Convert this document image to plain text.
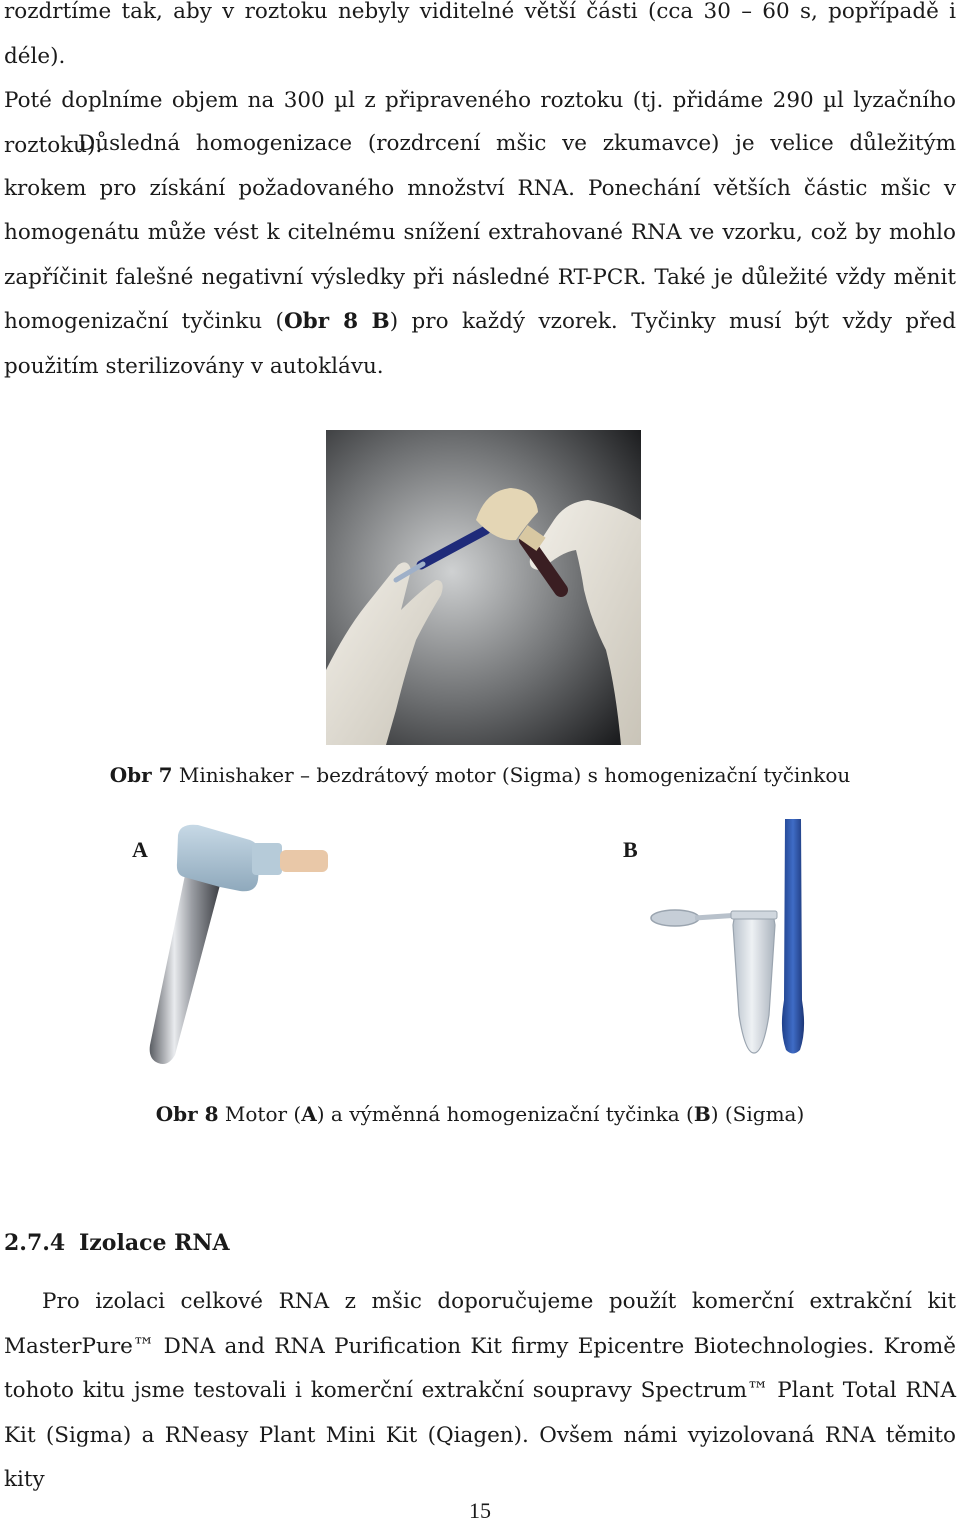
rozdrtíme tak, aby v roztoku nebyly viditelné větší části (cca 30 – 60 s, popřípadě i déle).
Poté doplníme objem na 300 µl z připraveného roztoku (tj. přidáme 290 µl lyzačního
roztoku).

Důsledná homogenizace (rozdrcení mšic ve zkumavce) je velice důležitým krokem pro získání požadovaného množství RNA. Ponechání větších částic mšic v homogenátu může vést k citelnému snížení extrahované RNA ve vzorku, což by mohlo zapříčinit falešné negativní výsledky při následné RT-PCR. Také je důležité vždy měnit homogenizační tyčinku (Obr 8 B) pro každý vzorek. Tyčinky musí být vždy před použitím sterilizovány v autoklávu.

Obr 7 Minishaker – bezdrátový motor (Sigma) s homogenizační tyčinkou
A	B
Obr 8 Motor (A) a výměnná homogenizační tyčinka (B) (Sigma)
2.7.4 Izolace RNA

Pro izolaci celkové RNA z mšic doporučujeme použít komerční extrakční kit MasterPure™ DNA and RNA Purification Kit firmy Epicentre Biotechnologies. Kromě tohoto kitu jsme testovali i komerční extrakční soupravy Spectrum™ Plant Total RNA Kit (Sigma) a RNeasy Plant Mini Kit (Qiagen). Ovšem námi vyizolovaná RNA těmito kity

15
